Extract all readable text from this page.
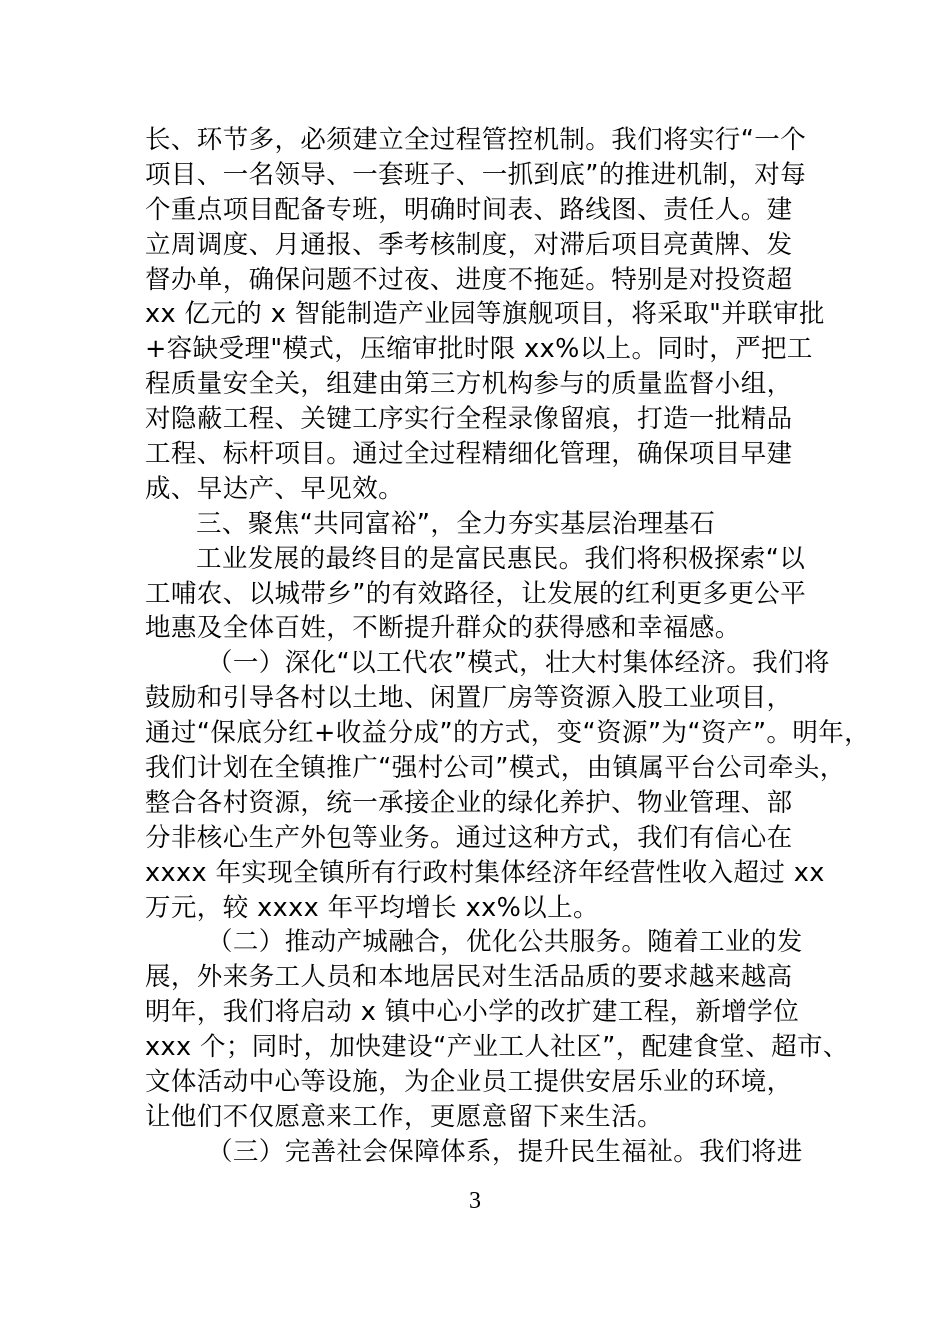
长、环节多，必须建立全过程管控机制。我们将实行“一个
项目、一名领导、一套班子、一抓到底”的推进机制，对每
个重点项目配备专班，明确时间表、路线图、责任人。建
立周调度、月通报、季考核制度，对滞后项目亮黄牌、发
督办单，确保问题不过夜、进度不拖延。特别是对投资超
xx 亿元的 x 智能制造产业园等旗舰项目，将采取"并联审批
+容缺受理"模式，压缩审批时限 xx%以上。同时，严把工
程质量安全关，组建由第三方机构参与的质量监督小组，
对隐蔽工程、关键工序实行全程录像留痕，打造一批精品
工程、标杆项目。通过全过程精细化管理，确保项目早建
成、早达产、早见效。
三、聚焦“共同富裕”，全力夯实基层治理基石
工业发展的最终目的是富民惠民。我们将积极探索“以
工哺农、以城带乡”的有效路径，让发展的红利更多更公平
地惠及全体百姓，不断提升群众的获得感和幸福感。
（一）深化“以工代农”模式，壮大村集体经济。我们将
鼓励和引导各村以土地、闲置厂房等资源入股工业项目，
通过“保底分红+收益分成”的方式，变“资源”为“资产”。明年，
我们计划在全镇推广“强村公司”模式，由镇属平台公司牵头，
整合各村资源，统一承接企业的绿化养护、物业管理、部
分非核心生产外包等业务。通过这种方式，我们有信心在
xxxx 年实现全镇所有行政村集体经济年经营性收入超过 xx
万元，较 xxxx 年平均增长 xx%以上。
（二）推动产城融合，优化公共服务。随着工业的发
展，外来务工人员和本地居民对生活品质的要求越来越高
明年，我们将启动 x 镇中心小学的改扩建工程，新增学位
xxx 个；同时，加快建设“产业工人社区”，配建食堂、超市、
文体活动中心等设施，为企业员工提供安居乐业的环境，
让他们不仅愿意来工作，更愿意留下来生活。
（三）完善社会保障体系，提升民生福祉。我们将进
3
